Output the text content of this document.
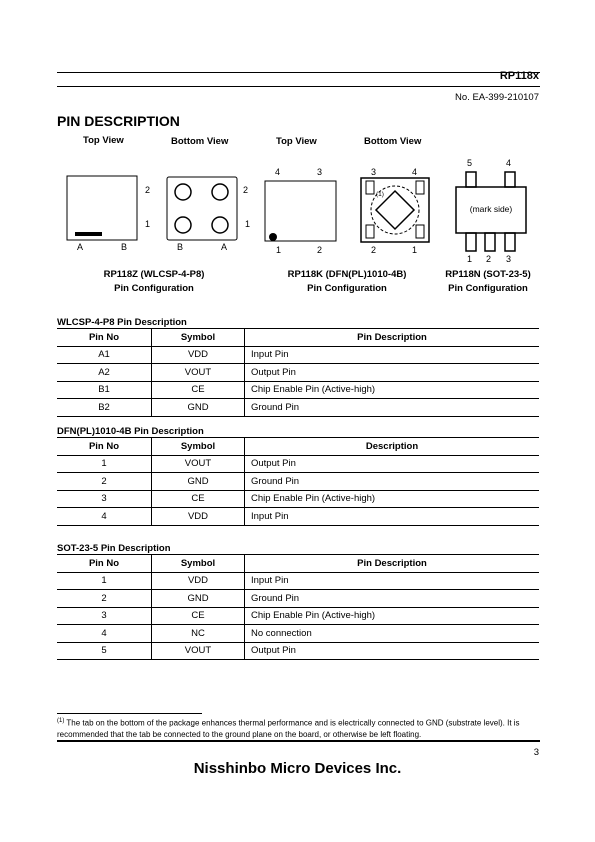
RP118x
No. EA-399-210107
PIN DESCRIPTION
Top View	Bottom View	Top View	Bottom View
2
1
A	B
2
1
B	A
RP118Z (WLCSP-4-P8)
Pin Configuration
4	3
1	2
3	4
2	1
(1)
RP118K (DFN(PL)1010-4B)
Pin Configuration
5	4
1 2 3
(mark side)
RP118N (SOT-23-5)
Pin Configuration
WLCSP-4-P8 Pin Description
Pin No	Symbol	Pin Description
A1	VDD	Input Pin
A2	VOUT	Output Pin
B1	CE	Chip Enable Pin (Active-high)
B2	GND	Ground Pin
DFN(PL)1010-4B Pin Description
Pin No	Symbol	Description
1	VOUT	Output Pin
2	GND	Ground Pin
3	CE	Chip Enable Pin (Active-high)
4	VDD	Input Pin
SOT-23-5 Pin Description
Pin No	Symbol	Pin Description
1	VDD	Input Pin
2	GND	Ground Pin
3	CE	Chip Enable Pin (Active-high)
4	NC	No connection
5	VOUT	Output Pin
$^{(1)}$ The tab on the bottom of the package enhances thermal performance and is electrically connected to GND (substrate level). It is recommended that the tab be connected to the ground plane on the board, or otherwise be left floating.
3
Nisshinbo Micro Devices Inc.
